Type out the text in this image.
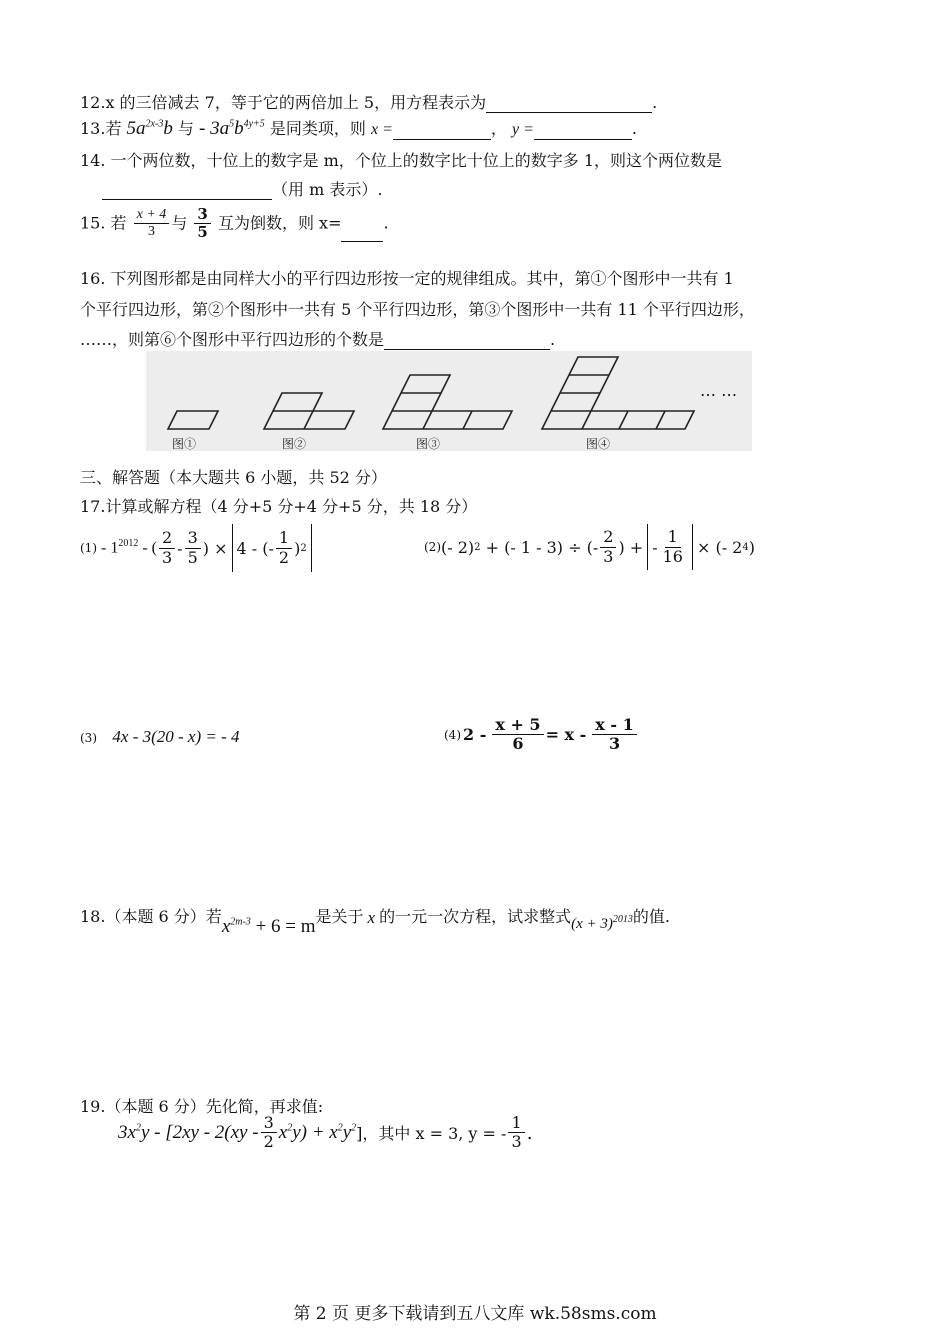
12.x 的三倍减去 7，等于它的两倍加上 5，用方程表示为	.
13.若 $5a^{2x-3}b$ 与 - $3a^5b^{4y+5}$ 是同类项，则 x =	， y =	.
14. 一个两位数，十位上的数字是 m，个位上的数字比十位上的数字多 1，则这个两位数是
（用 m 表示）.
15. 若 $\frac{x + 4}{3}$ 与 $\frac{3}{5}$ 互为倒数，则 x=	.
16. 下列图形都是由同样大小的平行四边形按一定的规律组成。其中，第①个图形中一共有 1
个平行四边形，第②个图形中一共有 5 个平行四边形，第③个图形中一共有 11 个平行四边形，
……，则第⑥个图形中平行四边形的个数是	.
… …
图①	图②	图③	图④
三、解答题（本大题共 6 小题，共 52 分）
17.计算或解方程（4 分+5 分+4 分+5 分，共 18 分）
$(1) - 1^{2012}$ - ( $\frac{2}{3} - \frac{3}{5}$ ) × 4 - (- $\frac{1}{2}$ ) 2	(2) (- 2) 2
+ (- 1 - 3) ÷ (- $\frac{2}{3}$ ) + - $\frac{1}{16}$ × (- 2 4 )
(3) 4x - 3(20 - x) = - 4	(4) $2 - \frac{x + 5}{6} = x - \frac{x - 1}{3}$
18.（本题 6 分）若 $x^{2m-3} + 6 = m$ 是关于 x 的一元一次方程，试求整式 $(x + 3)^{2013}$ 的值.
19.（本题 6 分）先化简，再求值:
$3x^2y - [2xy - 2(xy - \frac{3}{2} x^2y) + x^2y^2$ ]，其中 x = 3, y = - $\frac{1}{3}$ .
第 2 页 更多下载请到五八文库 wk.58sms.com
